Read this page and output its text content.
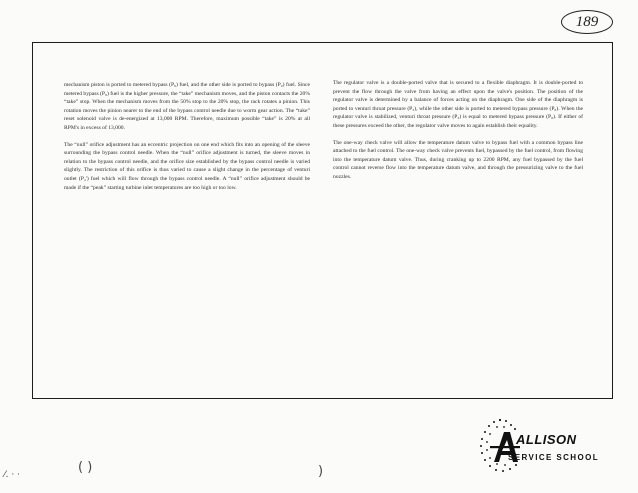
189

mechanism piston is ported to metered bypass (P₈) fuel, and the other side is ported to bypass (P₀) fuel. Since metered bypass (P₈) fuel is the higher pressure, the “take” mechanism moves, and the piston contacts the 20% “take” stop. When the mechanism moves from the 50% stop to the 20% stop, the rack rotates a pinion. This rotation moves the pinion nearer to the end of the bypass control needle due to worm gear action. The “take” reset solenoid valve is de-energized at 13,000 RPM. Therefore, maximum possible “take” is 20% at all RPM's in excess of 13,000.

The “null” orifice adjustment has an eccentric projection on one end which fits into an opening of the sleeve surrounding the bypass control needle. When the “null” orifice adjustment is turned, the sleeve moves in relation to the bypass control needle, and the orifice size established by the bypass control needle is varied slightly. The restriction of this orifice is thus varied to cause a slight change in the percentage of venturi outlet (P₄') fuel which will flow through the bypass control needle. A “null” orifice adjustment should be made if the “peak” starting turbine inlet temperatures are too high or too low.

The regulator valve is a double-ported valve that is secured to a flexible diaphragm. It is double-ported to prevent the flow through the valve from having an effect upon the valve's position. The position of the regulator valve is determined by a balance of forces acting on the diaphragm. One side of the diaphragm is ported to venturi throat pressure (P₃), while the other side is ported to metered bypass pressure (P₈). When the regulator valve is stabilized, venturi throat pressure (P₃) is equal to metered bypass pressure (P₈). If either of these pressures exceed the other, the regulator valve moves to again establish their equality.

The one-way check valve will allow the temperature datum valve to bypass fuel with a common bypass line attached to the fuel control. The one-way check valve prevents fuel, bypassed by the fuel control, from flowing into the temperature datum valve. Thus, during cranking up to 2200 RPM, any fuel bypassed by the fuel control cannot reverse flow into the temperature datum valve, and through the pressurizing valve to the fuel nozzles.

ALLISON
SERVICE SCHOOL
⁄․ · ·	( )	)
